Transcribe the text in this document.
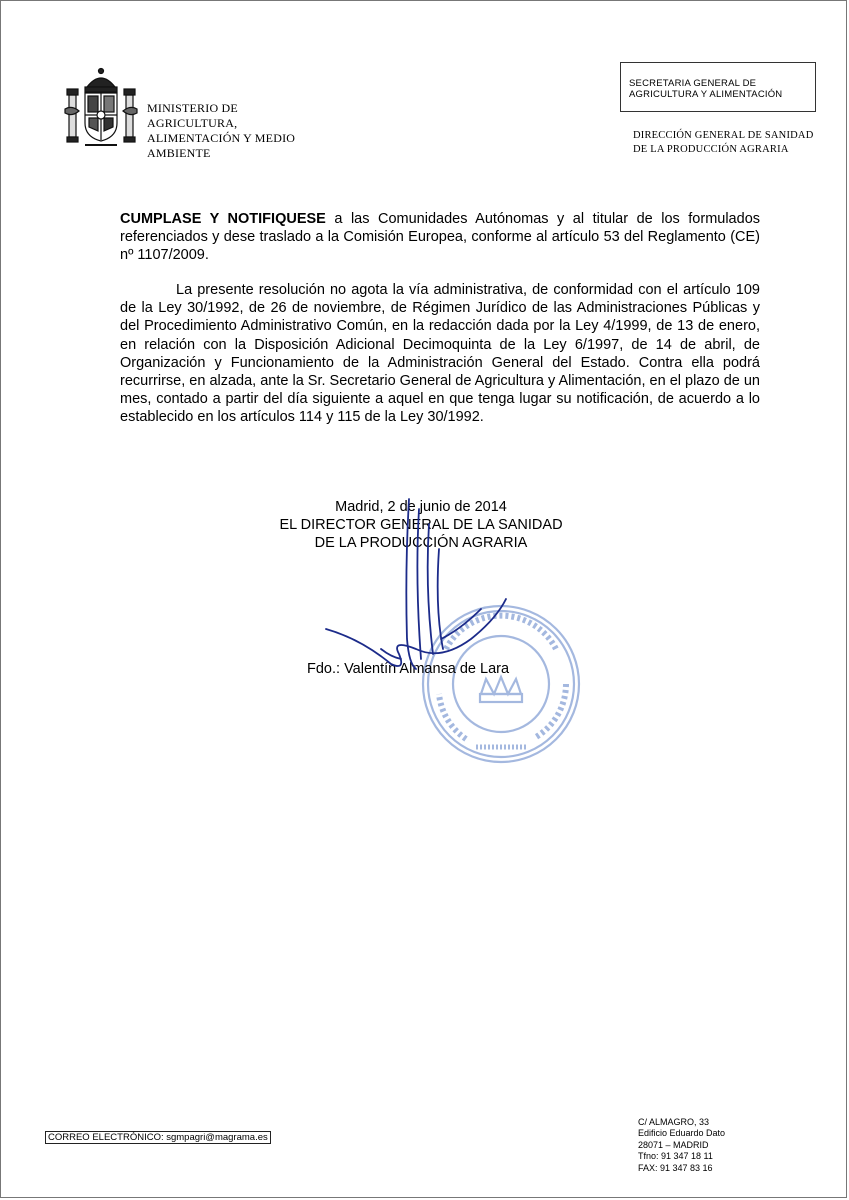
MINISTERIO DE
AGRICULTURA,
ALIMENTACIÓN Y MEDIO
AMBIENTE
SECRETARIA GENERAL DE
AGRICULTURA Y ALIMENTACIÓN
DIRECCIÓN GENERAL DE SANIDAD
DE LA PRODUCCIÓN AGRARIA

CUMPLASE Y NOTIFIQUESE a las Comunidades Autónomas y al titular de los formulados referenciados y dese traslado a la Comisión Europea, conforme al artículo 53 del Reglamento (CE) nº 1107/2009.

La presente resolución no agota la vía administrativa, de conformidad con el artículo 109 de la Ley 30/1992, de 26 de noviembre, de Régimen Jurídico de las Administraciones Públicas y del Procedimiento Administrativo Común, en la redacción dada por la Ley 4/1999, de 13 de enero, en relación con la Disposición Adicional Decimoquinta de la Ley 6/1997, de 14 de abril, de Organización y Funcionamiento de la Administración General del Estado. Contra ella podrá recurrirse, en alzada, ante la Sr. Secretario General de Agricultura y Alimentación, en el plazo de un mes, contado a partir del día siguiente a aquel en que tenga lugar su notificación, de acuerdo a lo establecido en los artículos 114 y 115 de la Ley 30/1992.

Madrid, 2 de junio de 2014
EL DIRECTOR GENERAL DE LA SANIDAD
DE LA PRODUCCIÓN AGRARIA
Fdo.: Valentín Almansa de Lara
CORREO ELECTRÓNICO: sgmpagri@magrama.es
C/ ALMAGRO, 33
Edificio Eduardo Dato
28071 – MADRID
Tfno: 91 347 18 11
FAX: 91 347 83 16
